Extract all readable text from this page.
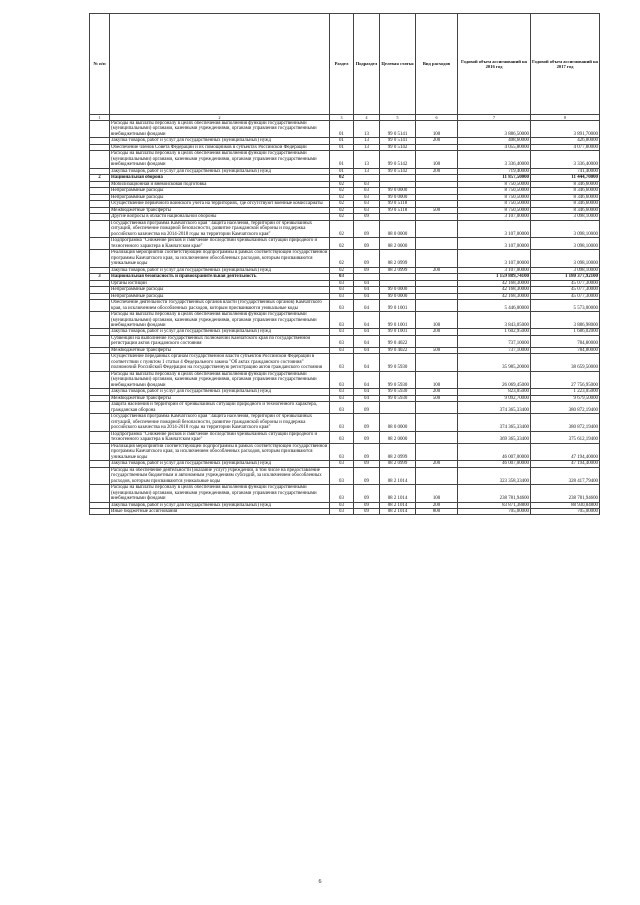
№ п/п		Раздел	Подраздел	Целевая статья	Вид расходов	Годовой объем ассигнований на 2016 год	Годовой объем ассигнований на 2017 год
1	2	3	4	5	6	7	8
	Расходы на выплаты персоналу в целях обеспечения выполнения функций государственными (муниципальными) органами, казенными учреждениями, органами управления государственными внебюджетными фондами	01	13	99 0 5141	100	3 886,50000	3 891,70000
	Закупка товаров, работ и услуг для государственных (муниципальных) нужд	01	13	99 0 5141	200	408,60000	426,80000
	Обеспечение членов Совета Федерации и их помощников в субъектах Российской Федерации	01	13	99 0 5142		4 055,80000	4 077,80000
	Расходы на выплаты персоналу в целях обеспечения выполнения функций государственными (муниципальными) органами, казенными учреждениями, органами управления государственными внебюджетными фондами	01	13	99 0 5142	100	3 336,40000	3 336,40000
	Закупка товаров, работ и услуг для государственных (муниципальных) нужд	01	13	99 0 5142	200	719,40000	741,40000
2	Национальная оборона	02				11 857,50000	11 444,70000
	Мобилизационная и вневойсковая подготовка	02	03			8 750,50000	8 346,60000
	Непрограммные расходы	02	03	99 0 0000		8 750,50000	8 346,60000
	Непрограммные расходы	02	03	99 0 0000		8 750,50000	8 346,60000
	Осуществление первичного воинского учета на территориях, где отсутствуют военные комиссариаты	02	03	99 0 5118		8 750,50000	8 346,60000
	Межбюджетные трансферты	02	03	99 0 5118	500	8 750,50000	8 346,60000
	Другие вопросы в области национальной обороны	02	09			3 107,00000	3 098,10000
	Государственная программа Камчатского края "Защита населения, территорий от чрезвычайных ситуаций, обеспечение пожарной безопасности, развитие гражданской обороны и поддержка российского казачества на 2014-2018 годы на территории Камчатского края"	02	09	08 0 0000		3 107,00000	3 098,10000
	Подпрограмма "Снижение рисков и смягчение последствий чрезвычайных ситуаций природного и техногенного характера в Камчатском крае"	02	09	08 2 0000		3 107,00000	3 098,10000
	Реализация мероприятий соответствующей подпрограммы в рамках соответствующей государственной программы Камчатского края, за исключением обособленных расходов, которым присваиваются уникальные коды	02	09	08 2 0999		3 107,00000	3 098,10000
	Закупка товаров, работ и услуг для государственных (муниципальных) нужд	02	09	08 2 0999	200	3 107,00000	3 098,10000
3	Национальная безопасность и правоохранительная деятельность	03				1 159 889,74100	1 180 377,92100
	Органы юстиции	03	04			42 168,30000	45 077,30000
	Непрограммные расходы	03	04	99 0 0000		42 168,30000	45 077,30000
	Непрограммные расходы	03	04	99 0 0000		42 168,30000	45 077,30000
	Обеспечение деятельности государственных органов власти (государственных органов) Камчатского края, за исключением обособленных расходов, которым присваиваются уникальные коды	03	04	99 0 1001		5 446,00000	5 573,00000
	Расходы на выплаты персоналу в целях обеспечения выполнения функций государственными (муниципальными) органами, казенными учреждениями, органами управления государственными внебюджетными фондами	03	04	99 0 1001	100	3 843,05000	3 886,98000
	Закупка товаров, работ и услуг для государственных (муниципальных) нужд	03	04	99 0 1001	200	1 602,95000	1 686,02000
	Субвенции на выполнение государственных полномочий Камчатского края по государственной регистрации актов гражданского состояния	03	04	99 0 4022		737,10000	784,80000
	Межбюджетные трансферты	03	04	99 0 4022	500	737,10000	784,80000
	Осуществление переданных органам государственной власти субъектов Российской Федерации в соответствии с пунктом 1 статьи 4 Федерального закона "Об актах гражданского состояния" полномочий Российской Федерации на государственную регистрацию актов гражданского состояния	03	04	99 0 5930		35 985,20000	38 659,50000
	Расходы на выплаты персоналу в целях обеспечения выполнения функций государственными (муниципальными) органами, казенными учреждениями, органами управления государственными внебюджетными фондами	03	04	99 0 5930	100	26 069,45000	27 756,95000
	Закупка товаров, работ и услуг для государственных (муниципальных) нужд	03	04	99 0 5930	200	823,05000	1 223,05000
	Межбюджетные трансферты	03	04	99 0 5930	500	9 092,70000	9 679,50000
	Защита населения и территории от чрезвычайных ситуаций природного и техногенного характера, гражданская оборона	03	09			374 365,33400	380 872,19400
	Государственная программа Камчатского края "Защита населения, территорий от чрезвычайных ситуаций, обеспечение пожарной безопасности, развитие гражданской обороны и поддержка российского казачества на 2014-2018 годы на территории Камчатского края"	03	09	08 0 0000		374 365,33400	380 872,19400
	Подпрограмма "Снижение рисков и смягчение последствий чрезвычайных ситуаций природного и техногенного характера в Камчатском крае"	03	09	08 2 0000		369 365,33400	375 612,19400
	Реализация мероприятий соответствующей подпрограммы в рамках соответствующей государственной программы Камчатского края, за исключением обособленных расходов, которым присваиваются уникальные коды	03	09	08 2 0999		46 007,00000	47 194,40000
	Закупка товаров, работ и услуг для государственных (муниципальных) нужд	03	09	08 2 0999	200	46 007,00000	47 194,40000
	Расходы на обеспечение деятельности (оказание услуг) учреждений, в том числе на предоставление государственным бюджетным и автономным учреждениям субсидий, за исключением обособленных расходов, которым присваиваются уникальные коды	03	09	08 2 1014		323 358,33400	328 417,79400
	Расходы на выплаты персоналу в целях обеспечения выполнения функций государственными (муниципальными) органами, казенными учреждениями, органами управления государственными внебюджетными фондами	03	09	08 2 1014	100	238 781,94600	238 781,94600
	Закупка товаров, работ и услуг для государственных (муниципальных) нужд	03	09	08 2 1014	200	83 871,38800	88 930,84800
	Иные бюджетные ассигнования	03	09	08 2 1014	800	705,00000	705,00000
6
